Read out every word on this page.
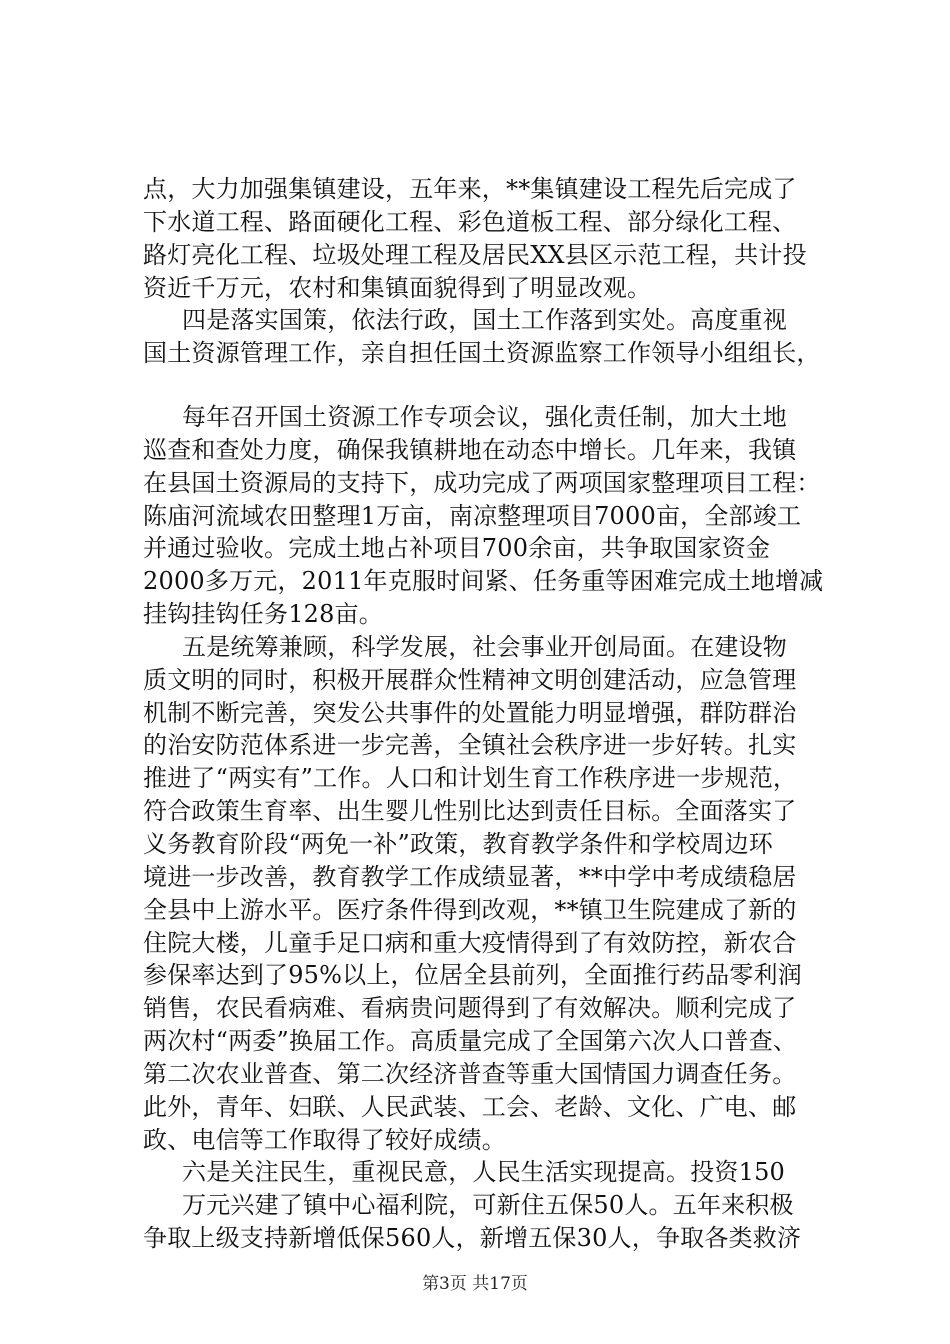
点，大力加强集镇建设，五年来，**集镇建设工程先后完成了
下水道工程、路面硬化工程、彩色道板工程、部分绿化工程、
路灯亮化工程、垃圾处理工程及居民XX县区示范工程，共计投
资近千万元，农村和集镇面貌得到了明显改观。
四是落实国策，依法行政，国土工作落到实处。高度重视
国土资源管理工作，亲自担任国土资源监察工作领导小组组长，
每年召开国土资源工作专项会议，强化责任制，加大土地
巡查和查处力度，确保我镇耕地在动态中增长。几年来，我镇
在县国土资源局的支持下，成功完成了两项国家整理项目工程：
陈庙河流域农田整理1万亩，南凉整理项目7000亩，全部竣工
并通过验收。完成土地占补项目700余亩，共争取国家资金
2000多万元，2011年克服时间紧、任务重等困难完成土地增减
挂钩挂钩任务128亩。
五是统筹兼顾，科学发展，社会事业开创局面。在建设物
质文明的同时，积极开展群众性精神文明创建活动，应急管理
机制不断完善，突发公共事件的处置能力明显增强，群防群治
的治安防范体系进一步完善，全镇社会秩序进一步好转。扎实
推进了“两实有”工作。人口和计划生育工作秩序进一步规范，
符合政策生育率、出生婴儿性别比达到责任目标。全面落实了
义务教育阶段“两免一补”政策，教育教学条件和学校周边环
境进一步改善，教育教学工作成绩显著，**中学中考成绩稳居
全县中上游水平。医疗条件得到改观，**镇卫生院建成了新的
住院大楼，儿童手足口病和重大疫情得到了有效防控，新农合
参保率达到了95%以上，位居全县前列，全面推行药品零利润
销售，农民看病难、看病贵问题得到了有效解决。顺利完成了
两次村“两委”换届工作。高质量完成了全国第六次人口普查、
第二次农业普查、第二次经济普查等重大国情国力调查任务。
此外，青年、妇联、人民武装、工会、老龄、文化、广电、邮
政、电信等工作取得了较好成绩。
六是关注民生，重视民意，人民生活实现提高。投资150
万元兴建了镇中心福利院，可新住五保50人。五年来积极
争取上级支持新增低保560人，新增五保30人，争取各类救济
第3页 共17页
